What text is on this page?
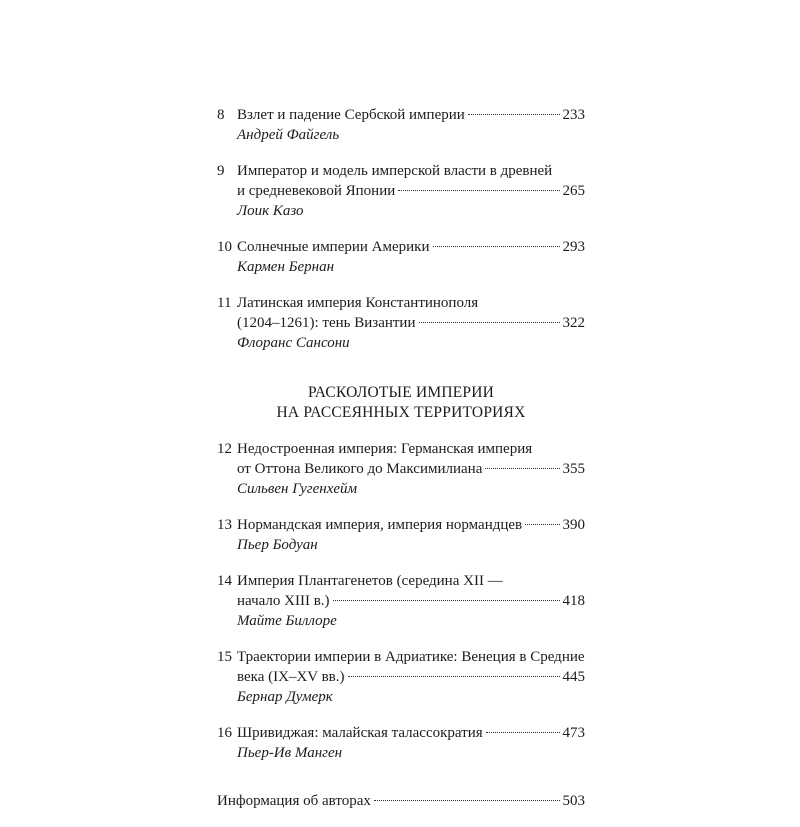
8 Взлет и падение Сербской империи	233
Андрей Файгель
9 Император и модель имперской власти в древней
и средневековой Японии	265
Лоик Казо
10 Солнечные империи Америки	293
Кармен Бернан
11 Латинская империя Константинополя
(1204–1261): тень Византии	322
Флоранс Сансони
РАСКОЛОТЫЕ ИМПЕРИИ
НА РАССЕЯННЫХ ТЕРРИТОРИЯХ
12 Недостроенная империя: Германская империя
от Оттона Великого до Максимилиана	355
Сильвен Гугенхейм
13 Нормандская империя, империя нормандцев	390
Пьер Бодуан
14 Империя Плантагенетов (середина XII —
начало XIII в.)	418
Майте Биллоре
15 Траектории империи в Адриатике: Венеция в Средние
века (IX–XV вв.)	445
Бернар Думерк
16 Шривиджая: малайская талассократия	473
Пьер-Ив Манген
Информация об авторах	503
